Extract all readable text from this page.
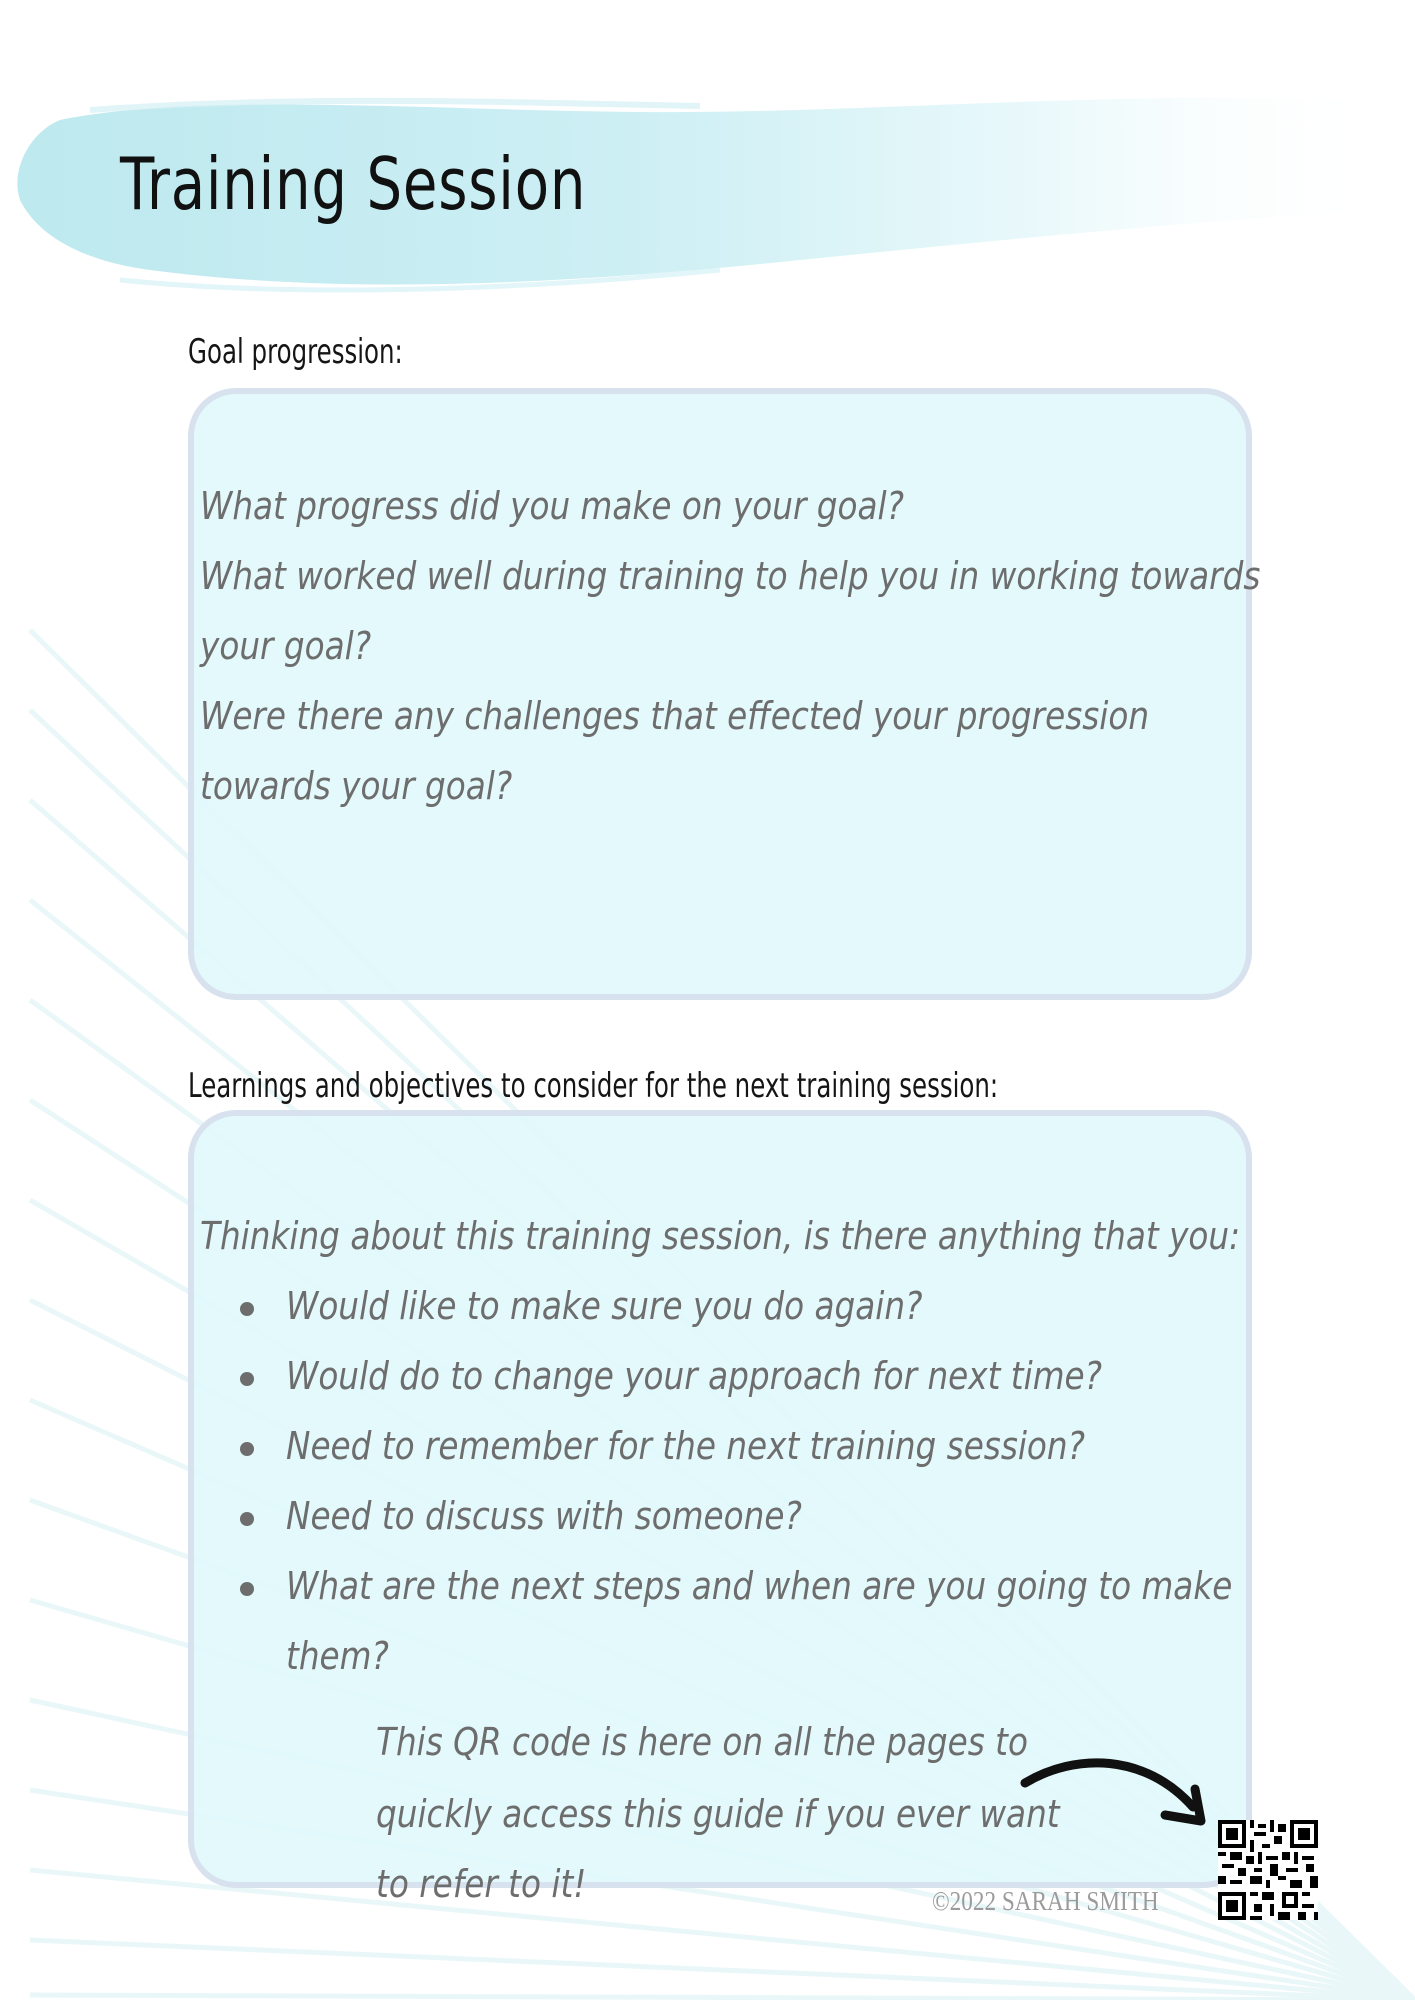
Training Session
Goal progression:
What progress did you make on your goal?
What worked well during training to help you in working towards
your goal?
Were there any challenges that effected your progression
towards your goal?
Learnings and objectives to consider for the next training session:
Thinking about this training session, is there anything that you:
Would like to make sure you do again?
Would do to change your approach for next time?
Need to remember for the next training session?
Need to discuss with someone?
What are the next steps and when are you going to make
them?
This QR code is here on all the pages to
quickly access this guide if you ever want
to refer to it!	©2022 SARAH SMITH
